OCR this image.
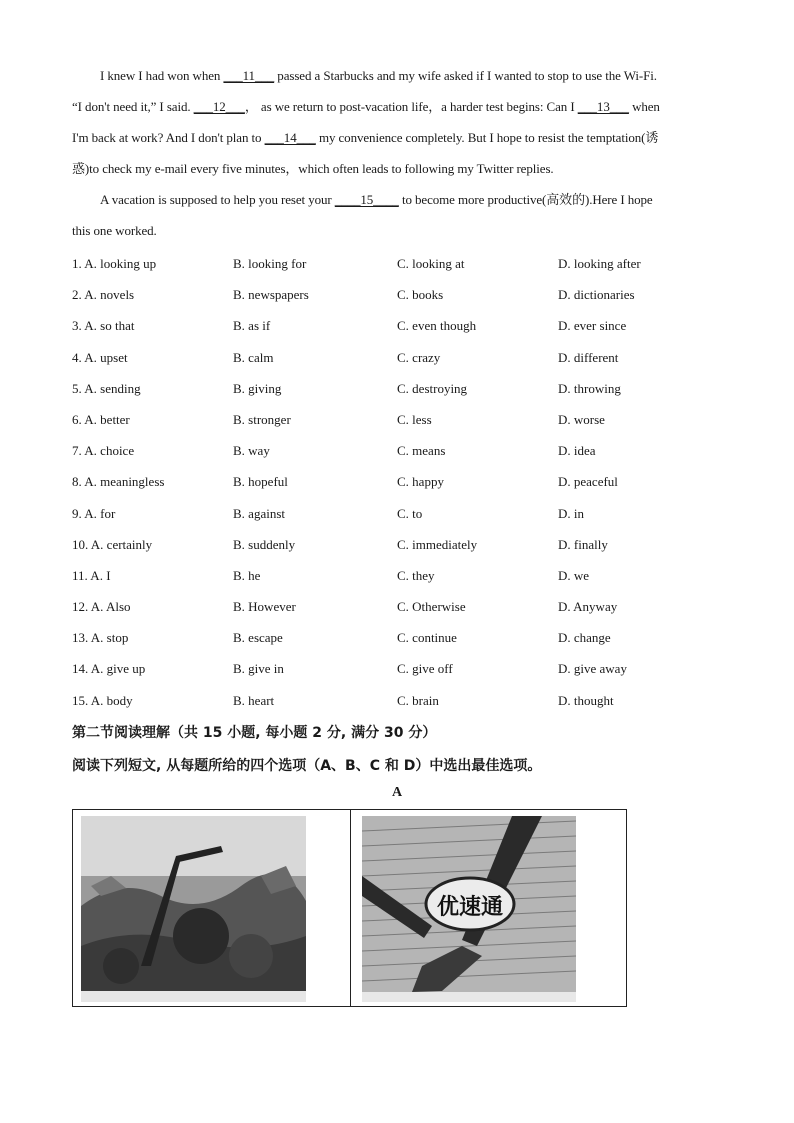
I knew I had won when ___11___ passed a Starbucks and my wife asked if I wanted to stop to use the Wi-Fi.
“I don't need it,” I said. ___12___， as we return to post-vacation life，a harder test begins: Can I ___13___ when
I'm back at work? And I don't plan to ___14___ my convenience completely. But I hope to resist the temptation(诱
惑)to check my e-mail every five minutes，which often leads to following my Twitter replies.
A vacation is supposed to help you reset your ____15____ to become more productive(高效的).Here I hope
this one worked.
1. A. looking up	B. looking for	C. looking at	D. looking after
2. A. novels	B. newspapers	C. books	D. dictionaries
3. A. so that	B. as if	C. even though	D. ever since
4. A. upset	B. calm	C. crazy	D. different
5. A. sending	B. giving	C. destroying	D. throwing
6. A. better	B. stronger	C. less	D. worse
7. A. choice	B. way	C. means	D. idea
8. A. meaningless	B. hopeful	C. happy	D. peaceful
9. A. for	B. against	C. to	D. in
10. A. certainly	B. suddenly	C. immediately	D. finally
11. A. I	B. he	C. they	D. we
12. A. Also	B. However	C. Otherwise	D. Anyway
13. A. stop	B. escape	C. continue	D. change
14. A. give up	B. give in	C. give off	D. give away
15. A. body	B. heart	C. brain	D. thought
第二节阅读理解（共 15 小题, 每小题 2 分, 满分 30 分）
阅读下列短文, 从每题所给的四个选项（A、B、C 和 D）中选出最佳选项。
A
优速通
